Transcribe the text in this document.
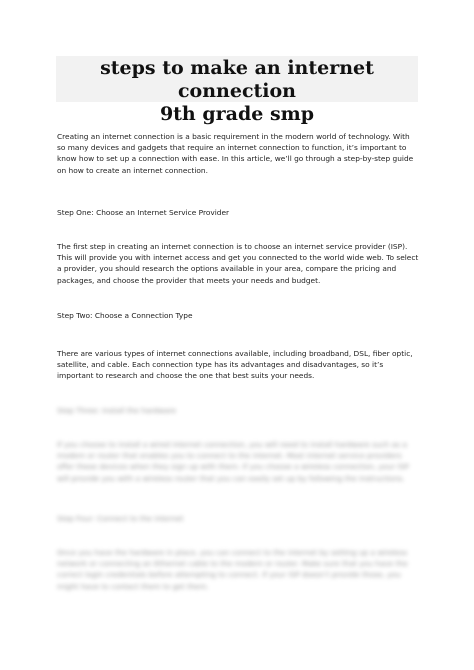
steps to make an internet connection
9th grade smp

Creating an internet connection is a basic requirement in the modern world of technology. With so many devices and gadgets that require an internet connection to function, it’s important to know how to set up a connection with ease. In this article, we’ll go through a step-by-step guide on how to create an internet connection.

Step One: Choose an Internet Service Provider

The first step in creating an internet connection is to choose an internet service provider (ISP). This will provide you with internet access and get you connected to the world wide web. To select a provider, you should research the options available in your area, compare the pricing and packages, and choose the provider that meets your needs and budget.

Step Two: Choose a Connection Type

There are various types of internet connections available, including broadband, DSL, fiber optic, satellite, and cable. Each connection type has its advantages and disadvantages, so it’s important to research and choose the one that best suits your needs.

Step Three: Install the hardware

If you choose to install a wired internet connection, you will need to install hardware such as a modem or router that enables you to connect to the internet. Most internet service providers offer these devices when they sign up with them. If you choose a wireless connection, your ISP will provide you with a wireless router that you can easily set up by following the instructions.

Step Four: Connect to the internet

Once you have the hardware in place, you can connect to the internet by setting up a wireless network or connecting an Ethernet cable to the modem or router. Make sure that you have the correct login credentials before attempting to connect. If your ISP doesn’t provide those, you might have to contact them to get them.
